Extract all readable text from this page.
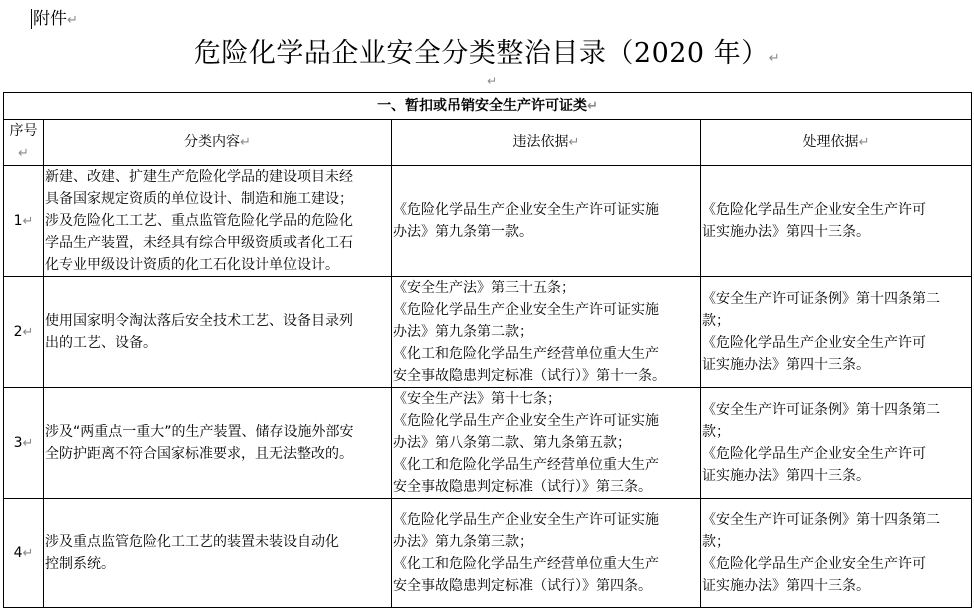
附件↵
危险化学品企业安全分类整治目录（2020 年）↵
↵
一、暂扣或吊销安全生产许可证类↵			
序号↵	分类内容↵	违法依据↵	处理依据↵
1↵	新建、改建、扩建生产危险化学品的建设项目未经
具备国家规定资质的单位设计、制造和施工建设；
涉及危险化工工艺、重点监管危险化学品的危险化
学品生产装置，未经具有综合甲级资质或者化工石
化专业甲级设计资质的化工石化设计单位设计。	《危险化学品生产企业安全生产许可证实施
办法》第九条第一款。	《危险化学品生产企业安全生产许可
证实施办法》第四十三条。

2↵	使用国家明令淘汰落后安全技术工艺、设备目录列
出的工艺、设备。	《安全生产法》第三十五条；
《危险化学品生产企业安全生产许可证实施
办法》第九条第二款；
《化工和危险化学品生产经营单位重大生产
安全事故隐患判定标准（试行）》第十一条。	《安全生产许可证条例》第十四条第二
款；
《危险化学品生产企业安全生产许可
证实施办法》第四十三条。

3↵	涉及“两重点一重大”的生产装置、储存设施外部安
全防护距离不符合国家标准要求，且无法整改的。	《安全生产法》第十七条；
《危险化学品生产企业安全生产许可证实施
办法》第八条第二款、第九条第五款；
《化工和危险化学品生产经营单位重大生产
安全事故隐患判定标准（试行）》第三条。	《安全生产许可证条例》第十四条第二
款；
《危险化学品生产企业安全生产许可
证实施办法》第四十三条。

4↵	涉及重点监管危险化工工艺的装置未装设自动化
控制系统。	《危险化学品生产企业安全生产许可证实施
办法》第九条第三款；
《化工和危险化学品生产经营单位重大生产
安全事故隐患判定标准（试行）》第四条。	《安全生产许可证条例》第十四条第二
款；
《危险化学品生产企业安全生产许可
证实施办法》第四十三条。
